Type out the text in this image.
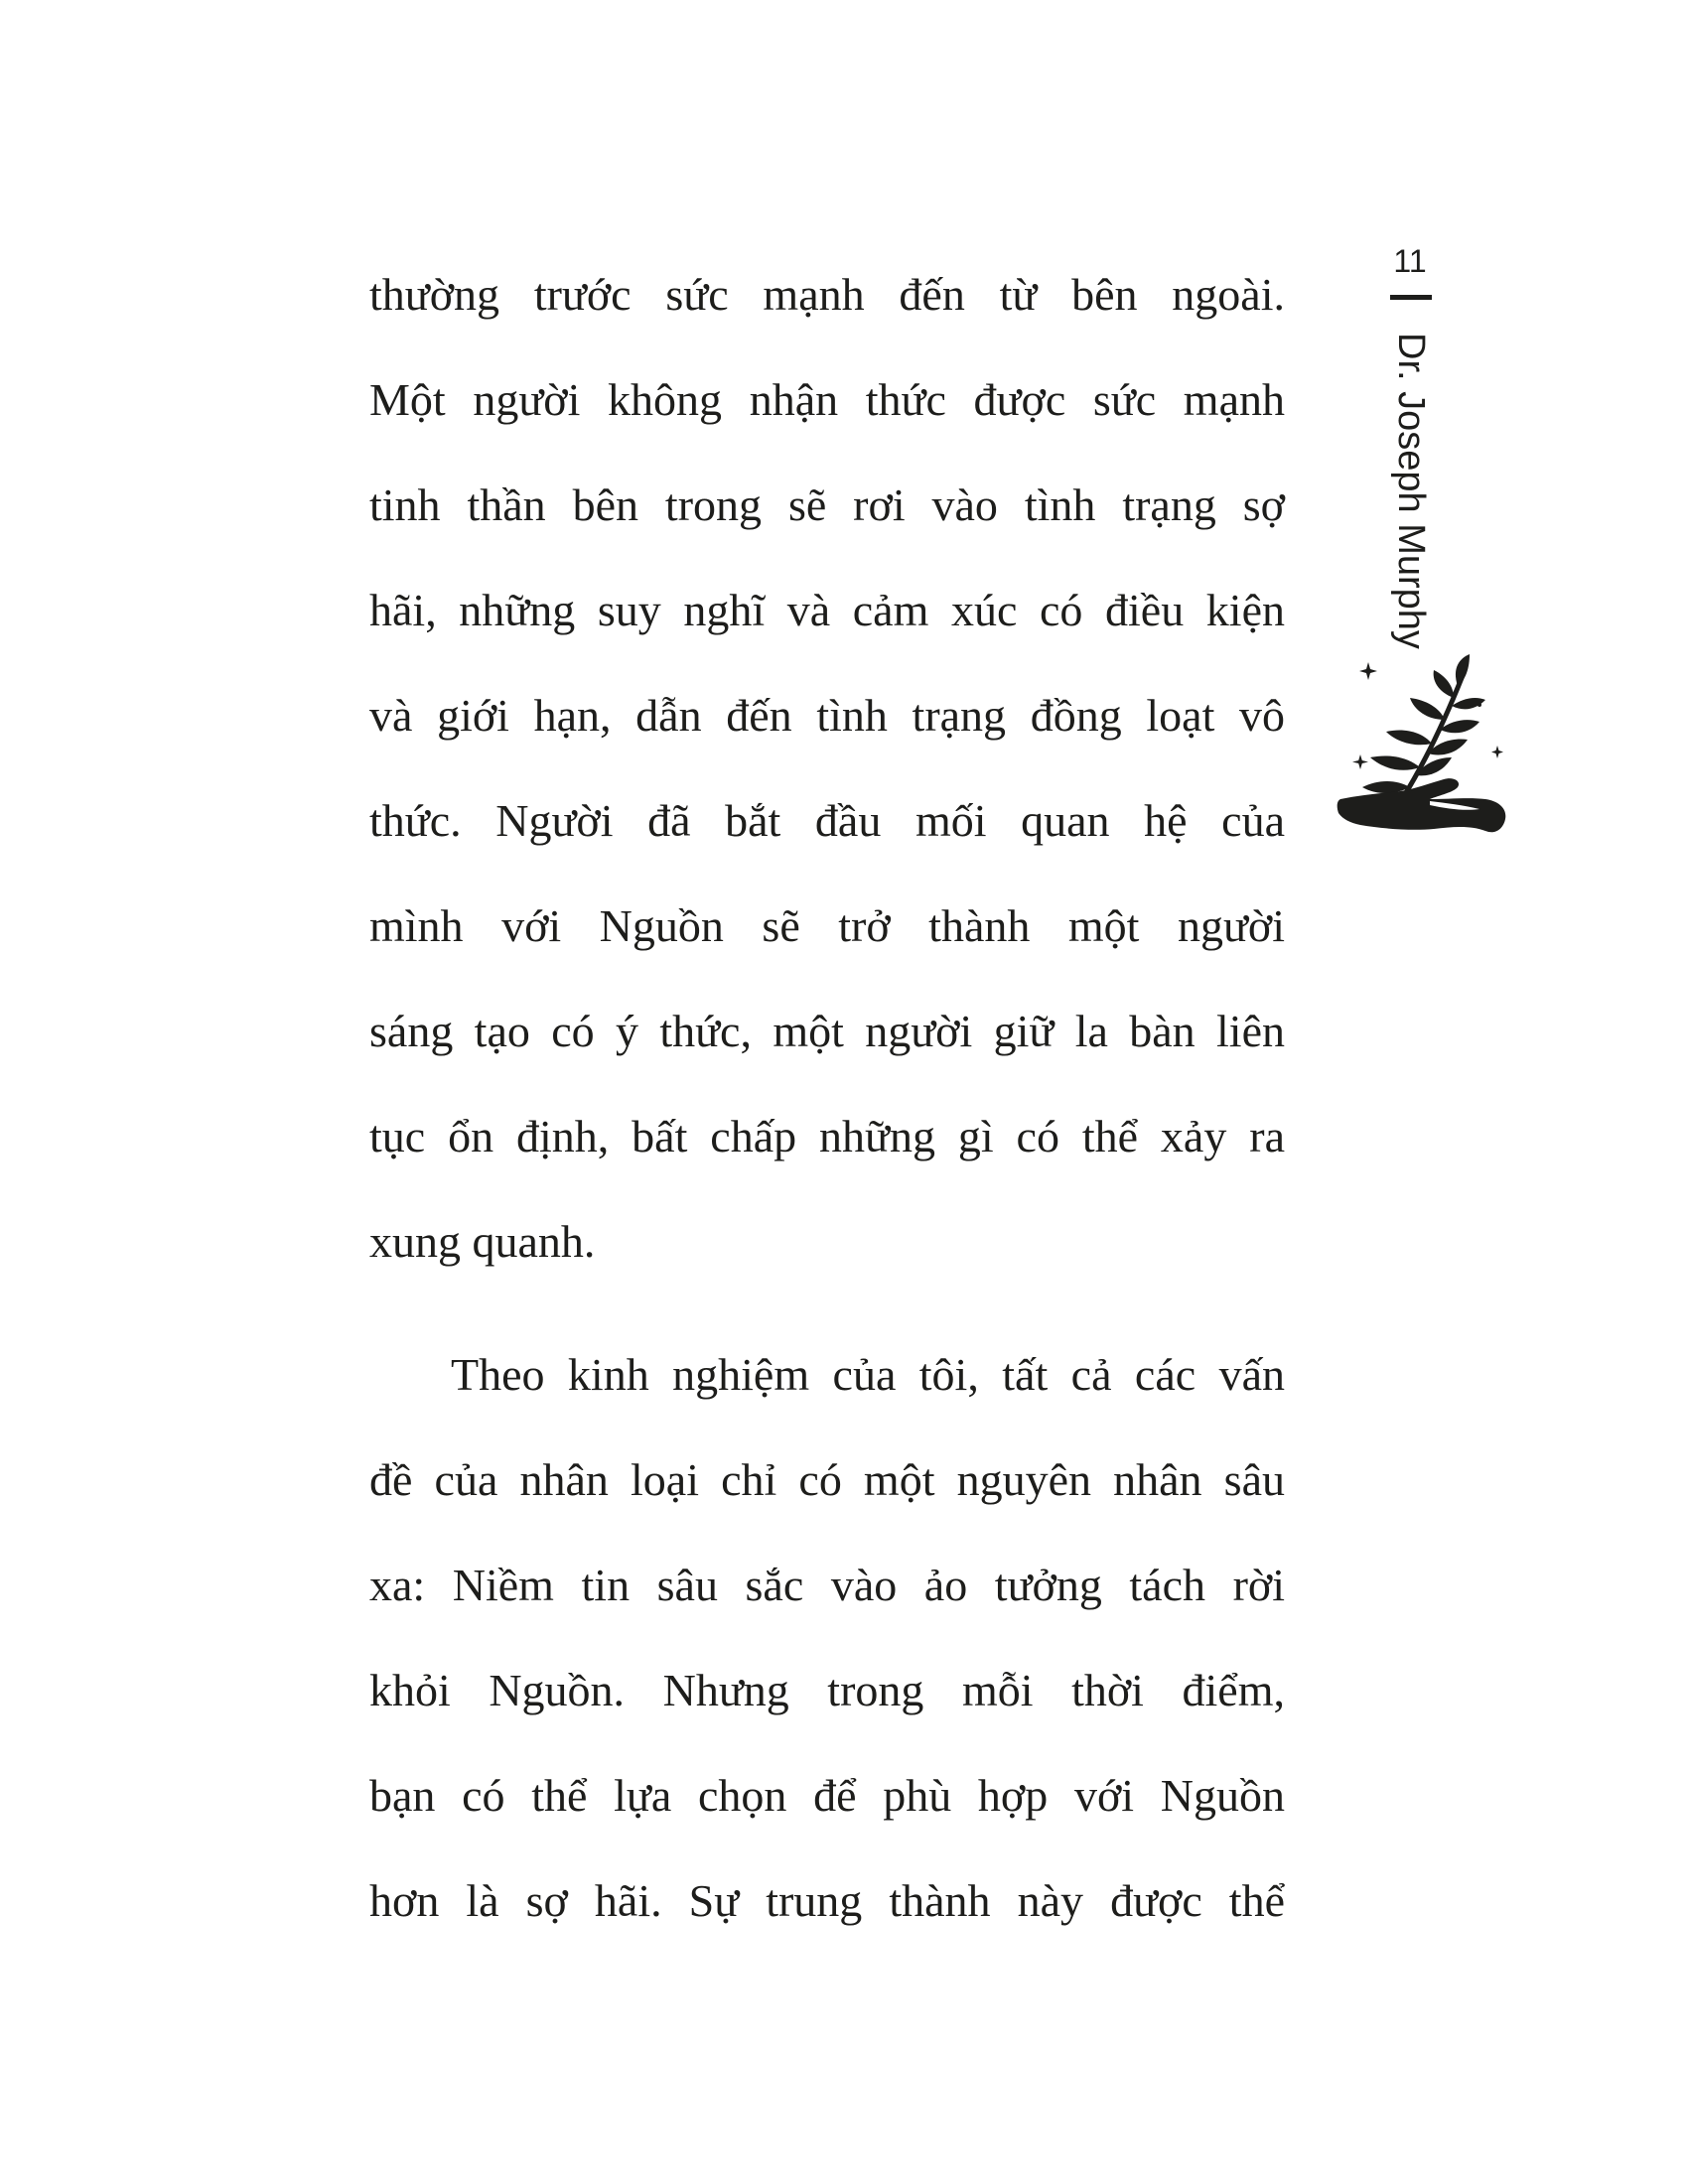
11
Dr. Joseph Murphy
thường trước sức mạnh đến từ bên ngoài.
Một người không nhận thức được sức mạnh
tinh thần bên trong sẽ rơi vào tình trạng sợ
hãi, những suy nghĩ và cảm xúc có điều kiện
và giới hạn, dẫn đến tình trạng đồng loạt vô
thức. Người đã bắt đầu mối quan hệ của
mình với Nguồn sẽ trở thành một người
sáng tạo có ý thức, một người giữ la bàn liên
tục ổn định, bất chấp những gì có thể xảy ra
xung quanh.
Theo kinh nghiệm của tôi, tất cả các vấn
đề của nhân loại chỉ có một nguyên nhân sâu
xa: Niềm tin sâu sắc vào ảo tưởng tách rời
khỏi Nguồn. Nhưng trong mỗi thời điểm,
bạn có thể lựa chọn để phù hợp với Nguồn
hơn là sợ hãi. Sự trung thành này được thể
